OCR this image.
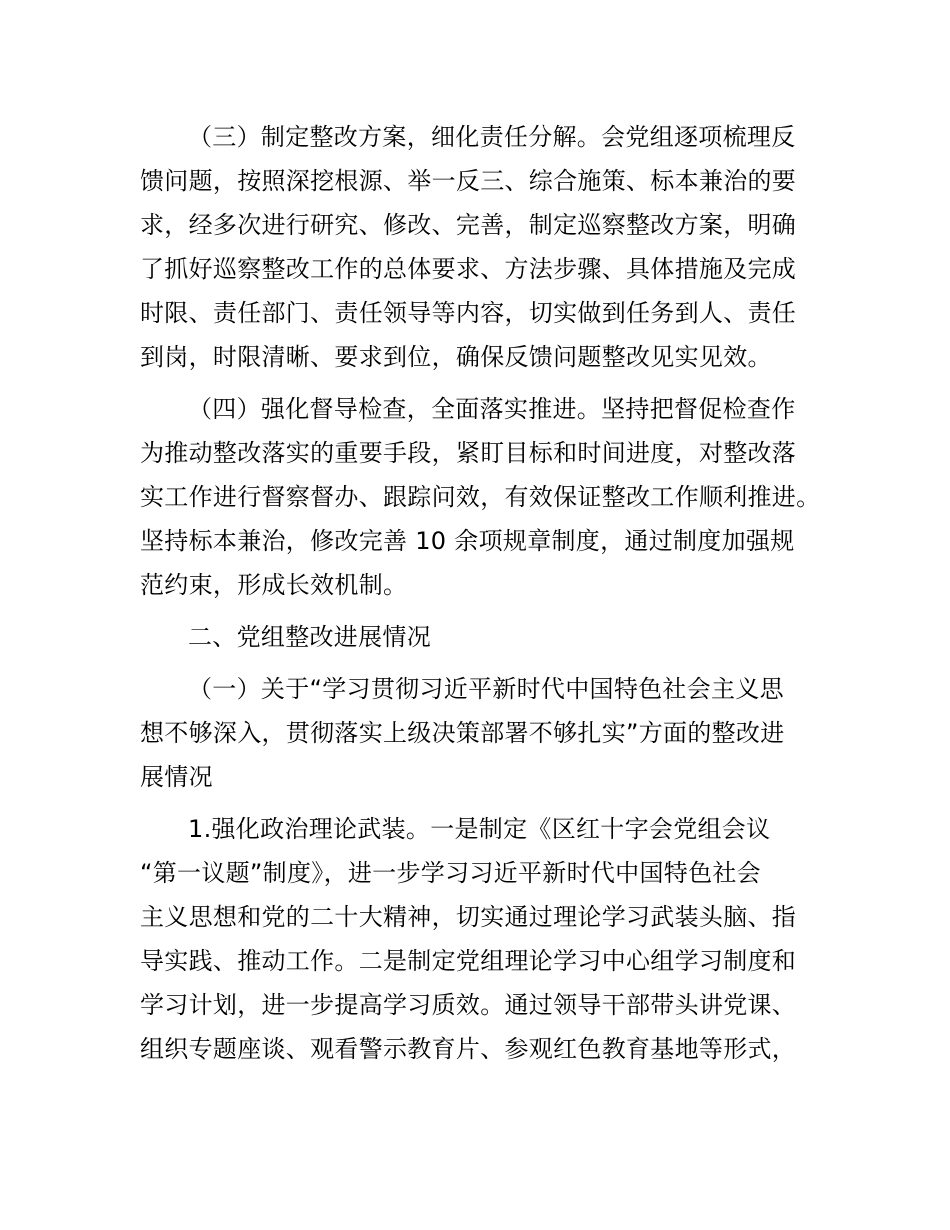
（三）制定整改方案，细化责任分解。会党组逐项梳理反
馈问题，按照深挖根源、举一反三、综合施策、标本兼治的要
求，经多次进行研究、修改、完善，制定巡察整改方案，明确
了抓好巡察整改工作的总体要求、方法步骤、具体措施及完成
时限、责任部门、责任领导等内容，切实做到任务到人、责任
到岗，时限清晰、要求到位，确保反馈问题整改见实见效。
（四）强化督导检查，全面落实推进。坚持把督促检查作
为推动整改落实的重要手段，紧盯目标和时间进度，对整改落
实工作进行督察督办、跟踪问效，有效保证整改工作顺利推进。
坚持标本兼治，修改完善 10 余项规章制度，通过制度加强规
范约束，形成长效机制。
二、党组整改进展情况
（一）关于“学习贯彻习近平新时代中国特色社会主义思
想不够深入，贯彻落实上级决策部署不够扎实”方面的整改进
展情况
1.强化政治理论武装。一是制定《区红十字会党组会议
“第一议题”制度》，进一步学习习近平新时代中国特色社会
主义思想和党的二十大精神，切实通过理论学习武装头脑、指
导实践、推动工作。二是制定党组理论学习中心组学习制度和
学习计划，进一步提高学习质效。通过领导干部带头讲党课、
组织专题座谈、观看警示教育片、参观红色教育基地等形式，
